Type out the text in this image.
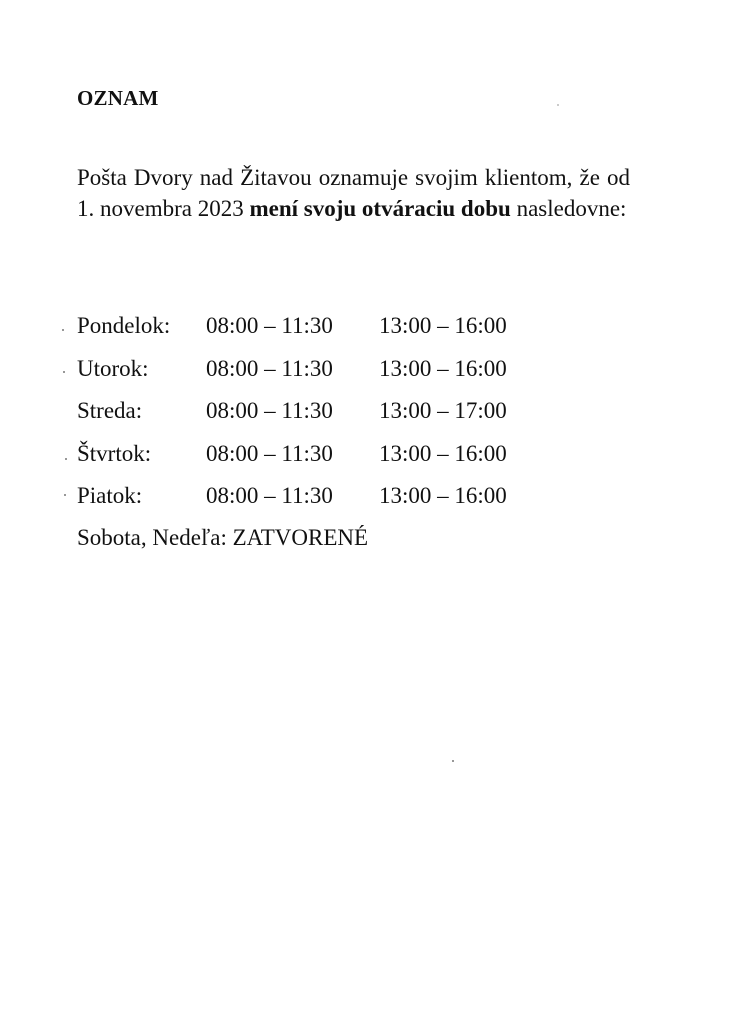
OZNAM
Pošta Dvory nad Žitavou oznamuje svojim klientom, že od 1. novembra 2023 mení svoju otváraciu dobu nasledovne:
Pondelok: 08:00 – 11:30 13:00 – 16:00
Utorok: 08:00 – 11:30 13:00 – 16:00
Streda:	08:00 – 11:30 13:00 – 17:00
Štvrtok: 08:00 – 11:30 13:00 – 16:00
Piatok:	08:00 – 11:30 13:00 – 16:00
Sobota, Nedeľa: ZATVORENÉ
